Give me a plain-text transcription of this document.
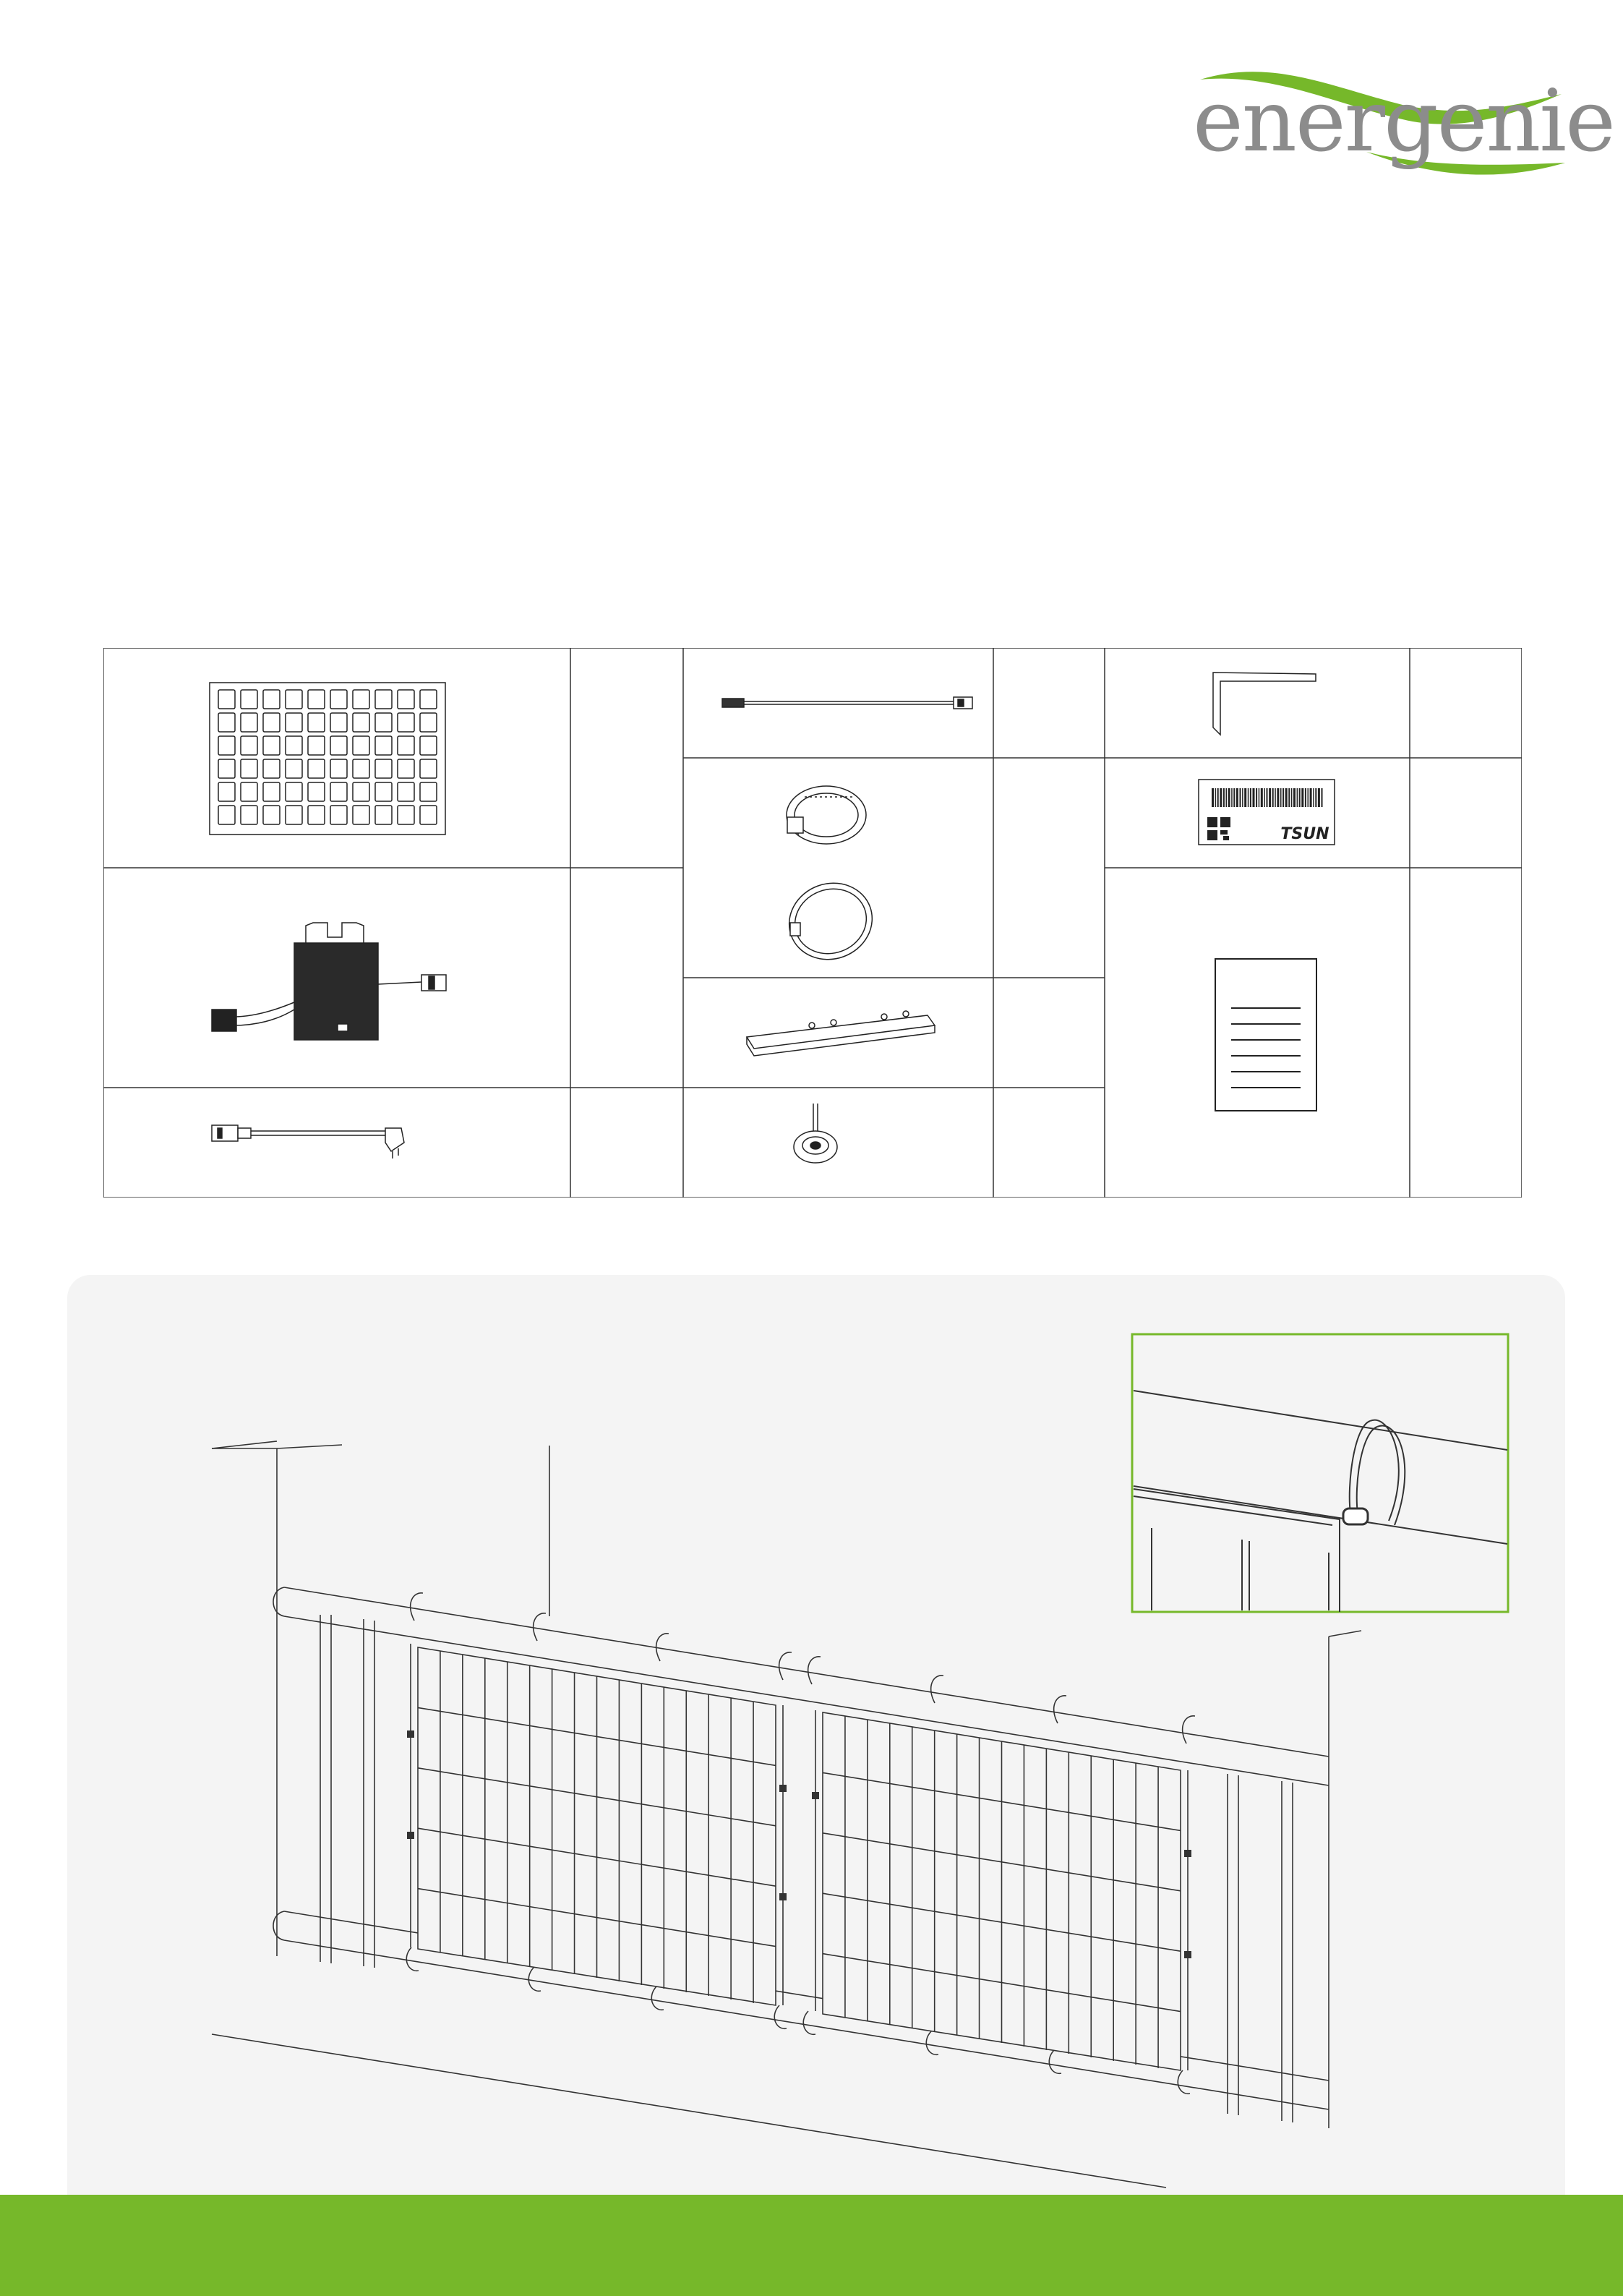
energenie
TSUN
